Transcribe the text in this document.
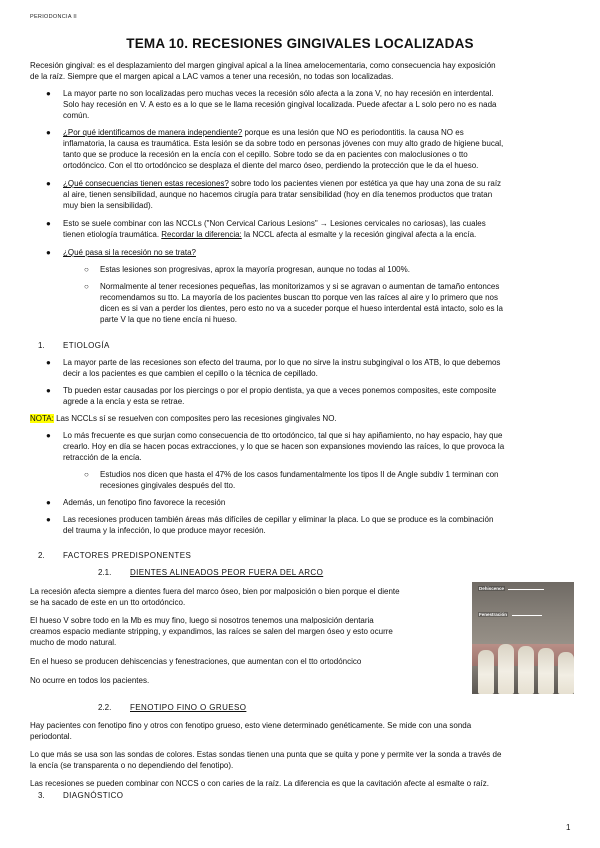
PERIODONCIA II
TEMA 10. RECESIONES GINGIVALES LOCALIZADAS

Recesión gingival: es el desplazamiento del margen gingival apical a la línea amelocementaria, como consecuencia hay exposición

de la raíz. Siempre que el margen apical a LAC vamos a tener una recesión, no todas son localizadas.

● La mayor parte no son localizadas pero muchas veces la recesión sólo afecta a la zona V, no hay recesión en interdental.

Solo hay recesión en V. A esto es a lo que se le llama recesión gingival localizada. Puede afectar a L solo pero no es nada

común.

● ¿Por qué identificamos de manera independiente? porque es una lesión que NO es periodontitis. la causa NO es

inflamatoria, la causa es traumática. Esta lesión se da sobre todo en personas jóvenes con muy alto grado de higiene bucal,

tanto que se produce la recesión en la encía con el cepillo. Sobre todo se da en pacientes con maloclusiones o tto

ortodóncico. Con el tto ortodóncico se desplaza el diente del marco óseo, perdiendo la protección que le da el hueso.

● ¿Qué consecuencias tienen estas recesiones? sobre todo los pacientes vienen por estética ya que hay una zona de su raíz

al aire, tienen sensibilidad, aunque no hacemos cirugía para tratar sensibilidad (hoy en día tenemos productos que tratan

muy bien la sensibilidad).

● Esto se suele combinar con las NCCLs ("Non Cervical Carious Lesions" → Lesiones cervicales no cariosas), las cuales

tienen etiología traumática. Recordar la diferencia: la NCCL afecta al esmalte y la recesión gingival afecta a la encía.

● ¿Qué pasa si la recesión no se trata?

○ Estas lesiones son progresivas, aprox la mayoría progresan, aunque no todas al 100%.

○ Normalmente al tener recesiones pequeñas, las monitorizamos y si se agravan o aumentan de tamaño entonces

recomendamos su tto. La mayoría de los pacientes buscan tto porque ven las raíces al aire y lo primero que nos

dicen es si van a perder los dientes, pero esto no va a suceder porque el hueso interdental está intacto, solo es la

parte V la que no tiene encía ni hueso.

1. ETIOLOGÍA
● La mayor parte de las recesiones son efecto del trauma, por lo que no sirve la instru subgingival o los ATB, lo que debemos

decir a los pacientes es que cambien el cepillo o la técnica de cepillado.

● Tb pueden estar causadas por los piercings o por el propio dentista, ya que a veces ponemos composites, este composite

agrede a la encía y esta se retrae.

NOTA: Las NCCLs sí se resuelven con composites pero las recesiones gingivales NO.

● Lo más frecuente es que surjan como consecuencia de tto ortodóncico, tal que si hay apiñamiento, no hay espacio, hay que

crearlo. Hoy en día se hacen pocas extracciones, y lo que se hacen son expansiones moviendo las raíces, lo que provoca la

retracción de la encía.

○ Estudios nos dicen que hasta el 47% de los casos fundamentalmente los tipos II de Angle subdiv 1 terminan con

recesiones gingivales después del tto.

● Además, un fenotipo fino favorece la recesión

● Las recesiones producen también áreas más difíciles de cepillar y eliminar la placa. Lo que se produce es la combinación

del trauma y la infección, lo que produce mayor recesión.

2. FACTORES PREDISPONENTES
2.1. DIENTES ALINEADOS PEOR FUERA DEL ARCO

La recesión afecta siempre a dientes fuera del marco óseo, bien por malposición o bien porque el diente

se ha sacado de este en un tto ortodóncico.

El hueso V sobre todo en la Mb es muy fino, luego si nosotros tenemos una malposición dentaria

creamos espacio mediante stripping, y expandimos, las raíces se salen del margen óseo y esto ocurre

mucho de modo natural.

En el hueso se producen dehiscencias y fenestraciones, que aumentan con el tto ortodóncico

No ocurre en todos los pacientes.

Dehiscence
Fenestración
2.2. FENOTIPO FINO O GRUESO

Hay pacientes con fenotipo fino y otros con fenotipo grueso, esto viene determinado genéticamente. Se mide con una sonda

periodontal.

Lo que más se usa son las sondas de colores. Estas sondas tienen una punta que se quita y pone y permite ver la sonda a través de

la encía (se transparenta o no dependiendo del fenotipo).

Las recesiones se pueden combinar con NCCS o con caries de la raíz. La diferencia es que la cavitación afecte al esmalte o raíz.

3. DIAGNÓSTICO
1
